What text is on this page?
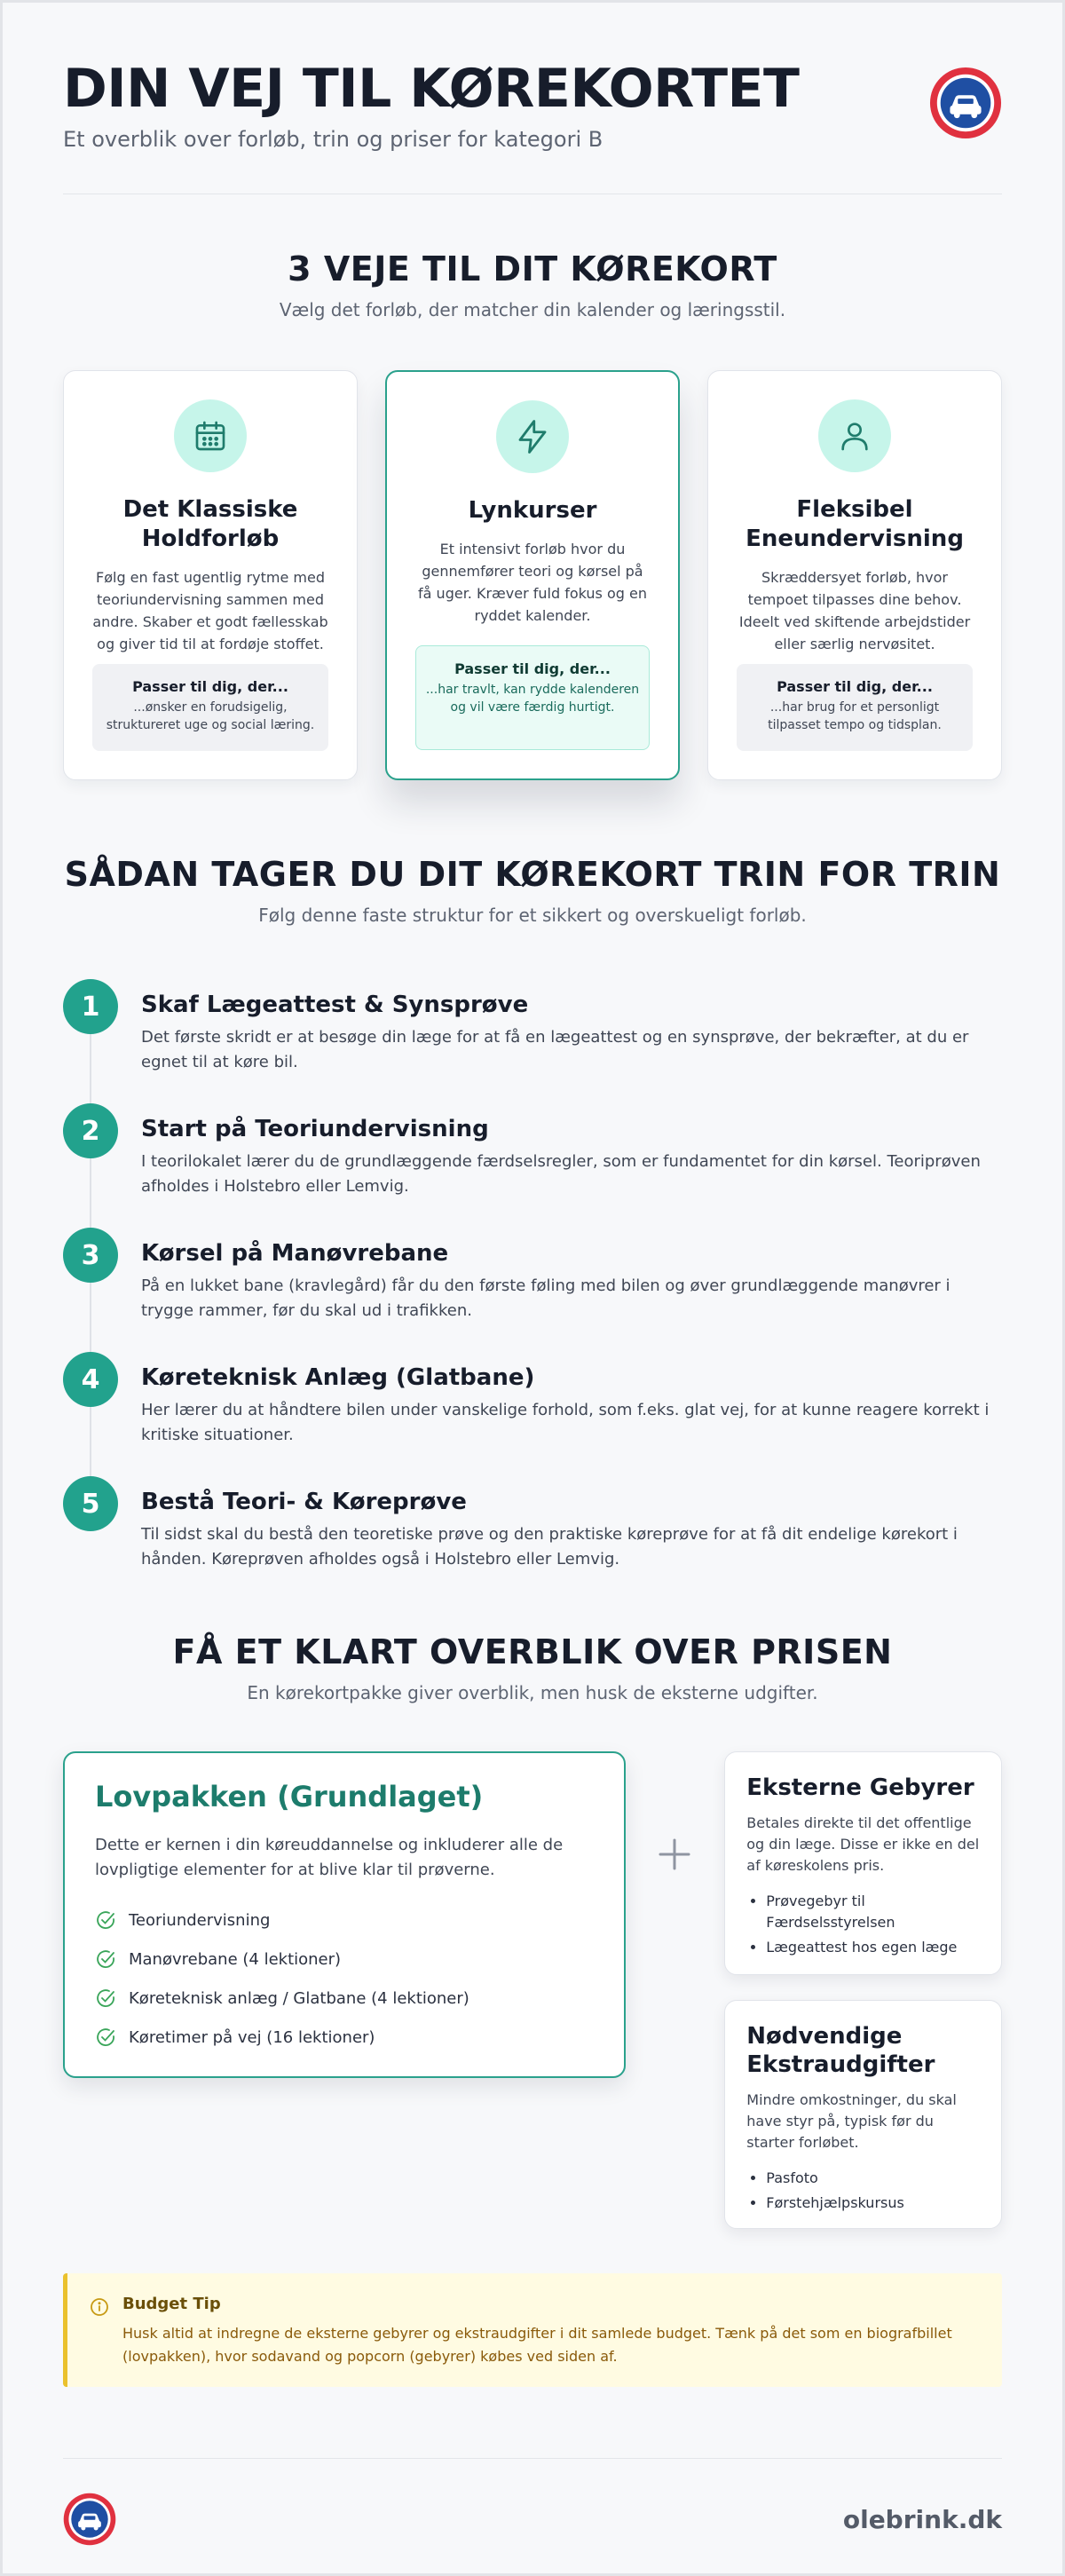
DIN VEJ TIL KØREKORTET
Et overblik over forløb, trin og priser for kategori B
3 VEJE TIL DIT KØREKORT
Vælg det forløb, der matcher din kalender og læringsstil.
Det Klassiske Holdforløb

Følg en fast ugentlig rytme med teoriundervisning sammen med andre. Skaber et godt fællesskab og giver tid til at fordøje stoffet.

Passer til dig, der...
...ønsker en forudsigelig, struktureret uge og social læring.
Lynkurser

Et intensivt forløb hvor du gennemfører teori og kørsel på få uger. Kræver fuld fokus og en ryddet kalender.

Passer til dig, der...
...har travlt, kan rydde kalenderen og vil være færdig hurtigt.
Fleksibel Eneundervisning

Skræddersyet forløb, hvor tempoet tilpasses dine behov. Ideelt ved skiftende arbejdstider eller særlig nervøsitet.

Passer til dig, der...
...har brug for et personligt tilpasset tempo og tidsplan.
SÅDAN TAGER DU DIT KØREKORT TRIN FOR TRIN
Følg denne faste struktur for et sikkert og overskueligt forløb.
1	Skaf Lægeattest & Synsprøve

Det første skridt er at besøge din læge for at få en lægeattest og en synsprøve, der bekræfter, at du er egnet til at køre bil.

2	Start på Teoriundervisning

I teorilokalet lærer du de grundlæggende færdselsregler, som er fundamentet for din kørsel. Teoriprøven afholdes i Holstebro eller Lemvig.

3	Kørsel på Manøvrebane

På en lukket bane (kravlegård) får du den første føling med bilen og øver grundlæggende manøvrer i trygge rammer, før du skal ud i trafikken.

4	Køreteknisk Anlæg (Glatbane)

Her lærer du at håndtere bilen under vanskelige forhold, som f.eks. glat vej, for at kunne reagere korrekt i kritiske situationer.

5	Bestå Teori- & Køreprøve

Til sidst skal du bestå den teoretiske prøve og den praktiske køreprøve for at få dit endelige kørekort i hånden. Køreprøven afholdes også i Holstebro eller Lemvig.

FÅ ET KLART OVERBLIK OVER PRISEN
En kørekortpakke giver overblik, men husk de eksterne udgifter.
Lovpakken (Grundlaget)

Dette er kernen i din køreuddannelse og inkluderer alle de lovpligtige elementer for at blive klar til prøverne.

Teoriundervisning
Manøvrebane (4 lektioner)
Køreteknisk anlæg / Glatbane (4 lektioner)
Køretimer på vej (16 lektioner)
Eksterne Gebyrer

Betales direkte til det offentlige og din læge. Disse er ikke en del af køreskolens pris.

• Prøvegebyr til Færdselsstyrelsen
• Lægeattest hos egen læge
Nødvendige Ekstraudgifter

Mindre omkostninger, du skal have styr på, typisk før du starter forløbet.

• Pasfoto
• Førstehjælpskursus
Budget Tip
Husk altid at indregne de eksterne gebyrer og ekstraudgifter i dit samlede budget. Tænk på det som en biografbillet (lovpakken), hvor sodavand og popcorn (gebyrer) købes ved siden af.
olebrink.dk
